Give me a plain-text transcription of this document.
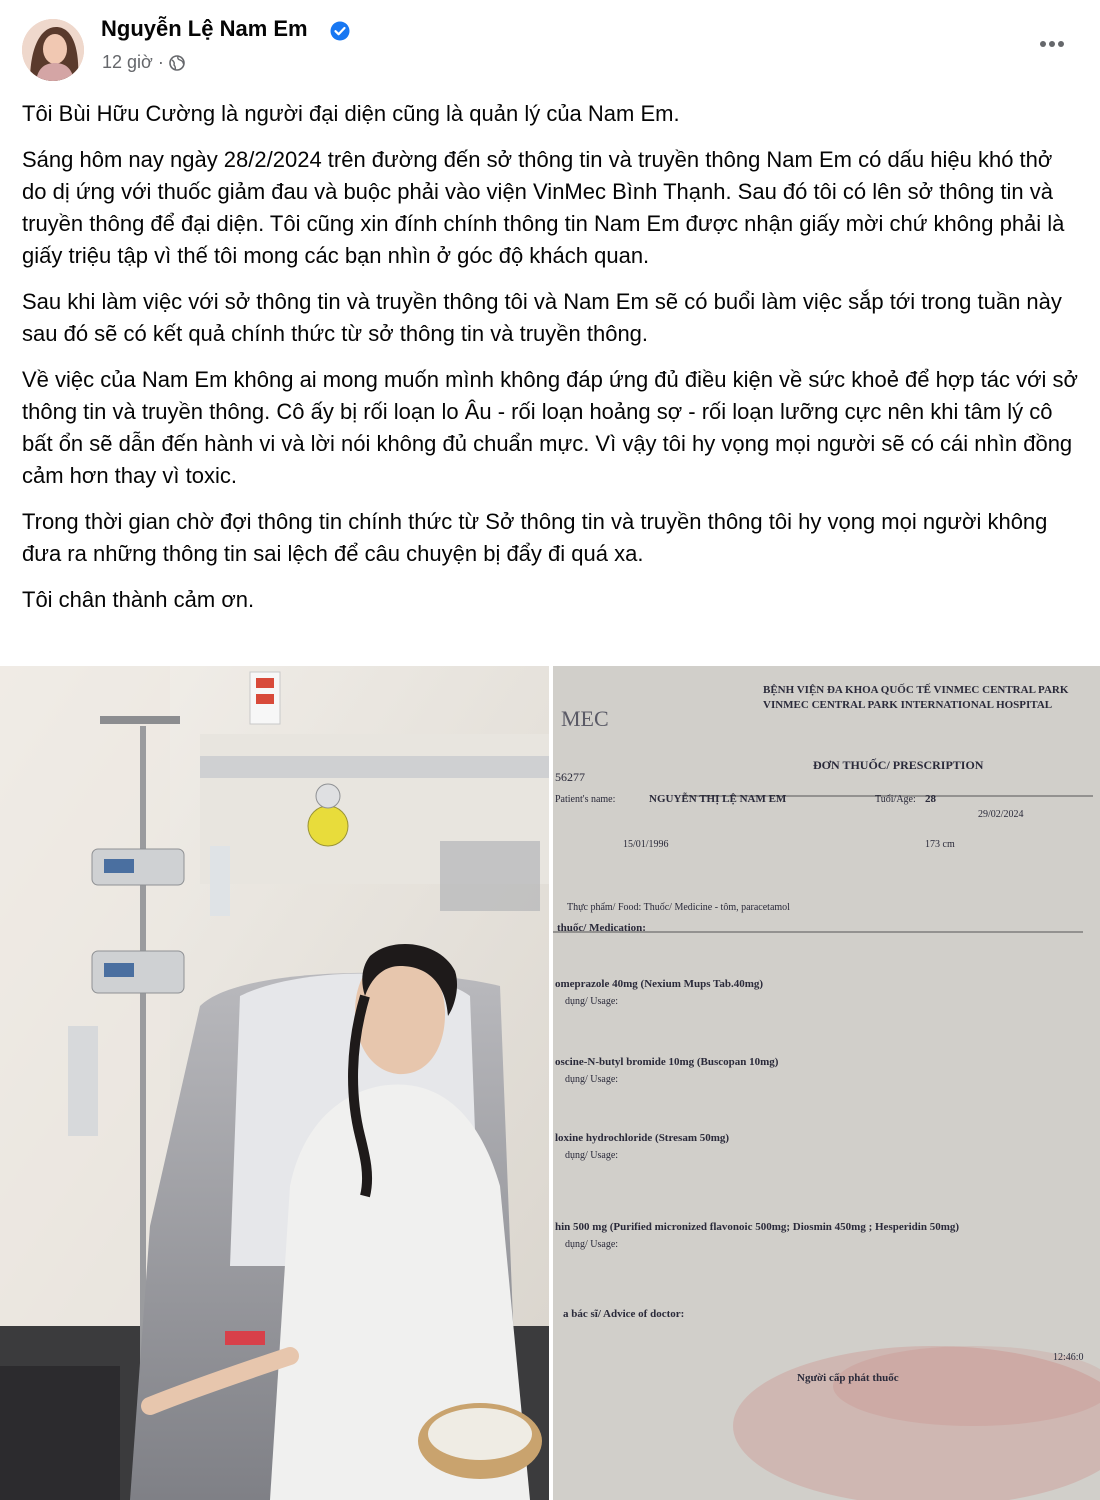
Nguyễn Lệ Nam Em
12 giờ ·

Tôi Bùi Hữu Cường là người đại diện cũng là quản lý của Nam Em.

Sáng hôm nay ngày 28/2/2024 trên đường đến sở thông tin và truyền thông Nam Em có dấu hiệu khó thở do dị ứng với thuốc giảm đau và buộc phải vào viện VinMec Bình Thạnh. Sau đó tôi có lên sở thông tin và truyền thông để đại diện. Tôi cũng xin đính chính thông tin Nam Em được nhận giấy mời chứ không phải là giấy triệu tập vì thế tôi mong các bạn nhìn ở góc độ khách quan.

Sau khi làm việc với sở thông tin và truyền thông tôi và Nam Em sẽ có buổi làm việc sắp tới trong tuần này sau đó sẽ có kết quả chính thức từ sở thông tin và truyền thông.

Về việc của Nam Em không ai mong muốn mình không đáp ứng đủ điều kiện về sức khoẻ để hợp tác với sở thông tin và truyền thông. Cô ấy bị rối loạn lo Âu - rối loạn hoảng sợ - rối loạn lưỡng cực nên khi tâm lý cô bất ổn sẽ dẫn đến hành vi và lời nói không đủ chuẩn mực. Vì vậy tôi hy vọng mọi người sẽ có cái nhìn đồng cảm hơn thay vì toxic.

Trong thời gian chờ đợi thông tin chính thức từ Sở thông tin và truyền thông tôi hy vọng mọi người không đưa ra những thông tin sai lệch để câu chuyện bị đẩy đi quá xa.

Tôi chân thành cảm ơn.

BỆNH VIỆN ĐA KHOA QUỐC TẾ VINMEC CENTRAL PARK
VINMEC CENTRAL PARK INTERNATIONAL HOSPITAL
MEC
56277
ĐƠN THUỐC/ PRESCRIPTION
Patient's name:	NGUYỄN THỊ LỆ NAM EM	Tuổi/Age: 28
29/02/2024
173 cm
15/01/1996
Thực phẩm/ Food: Thuốc/ Medicine - tôm, paracetamol
thuốc/ Medication:
omeprazole 40mg (Nexium Mups Tab.40mg)
dụng/ Usage:
oscine-N-butyl bromide 10mg (Buscopan 10mg)
dụng/ Usage:
loxine hydrochloride (Stresam 50mg)
dụng/ Usage:
hin 500 mg (Purified micronized flavonoic 500mg; Diosmin 450mg ; Hesperidin 50mg)
dụng/ Usage:
a bác sĩ/ Advice of doctor:
Người cấp phát thuốc
12:46:0
